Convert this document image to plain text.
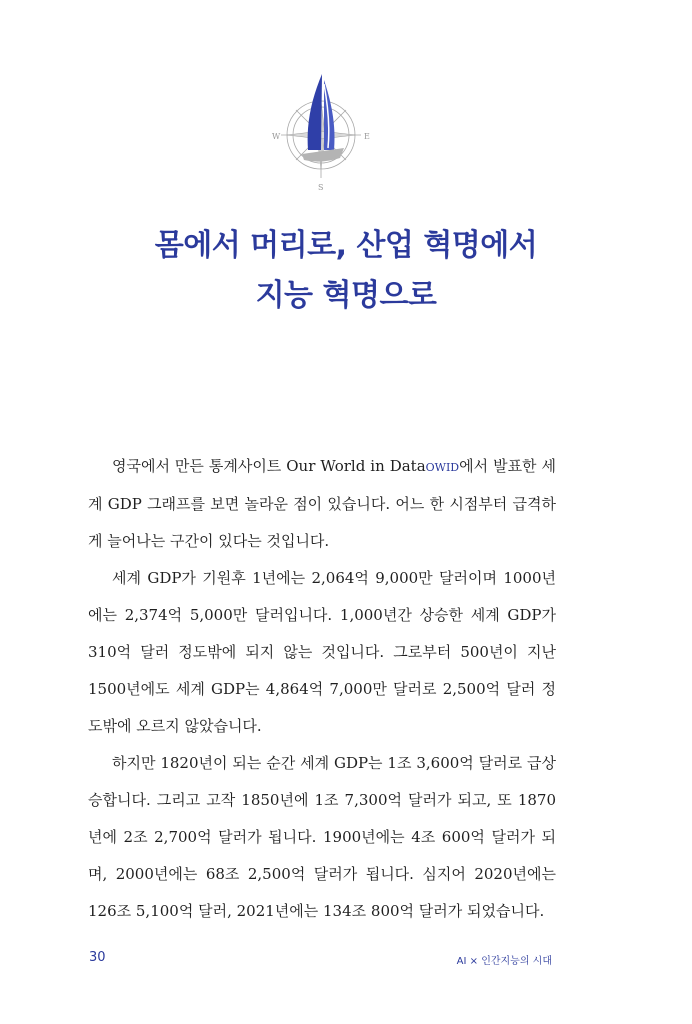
W	E
S
몸에서 머리로, 산업 혁명에서
지능 혁명으로

영국에서 만든 통계사이트 Our World in DataOWID에서 발표한 세계 GDP 그래프를 보면 놀라운 점이 있습니다. 어느 한 시점부터 급격하게 늘어나는 구간이 있다는 것입니다.

세계 GDP가 기원후 1년에는 2,064억 9,000만 달러이며 1000년에는 2,374억 5,000만 달러입니다. 1,000년간 상승한 세계 GDP가 310억 달러 정도밖에 되지 않는 것입니다. 그로부터 500년이 지난 1500년에도 세계 GDP는 4,864억 7,000만 달러로 2,500억 달러 정도밖에 오르지 않았습니다.

하지만 1820년이 되는 순간 세계 GDP는 1조 3,600억 달러로 급상승합니다. 그리고 고작 1850년에 1조 7,300억 달러가 되고, 또 1870년에 2조 2,700억 달러가 됩니다. 1900년에는 4조 600억 달러가 되며, 2000년에는 68조 2,500억 달러가 됩니다. 심지어 2020년에는 126조 5,100억 달러, 2021년에는 134조 800억 달러가 되었습니다.

30	AI × 인간지능의 시대
